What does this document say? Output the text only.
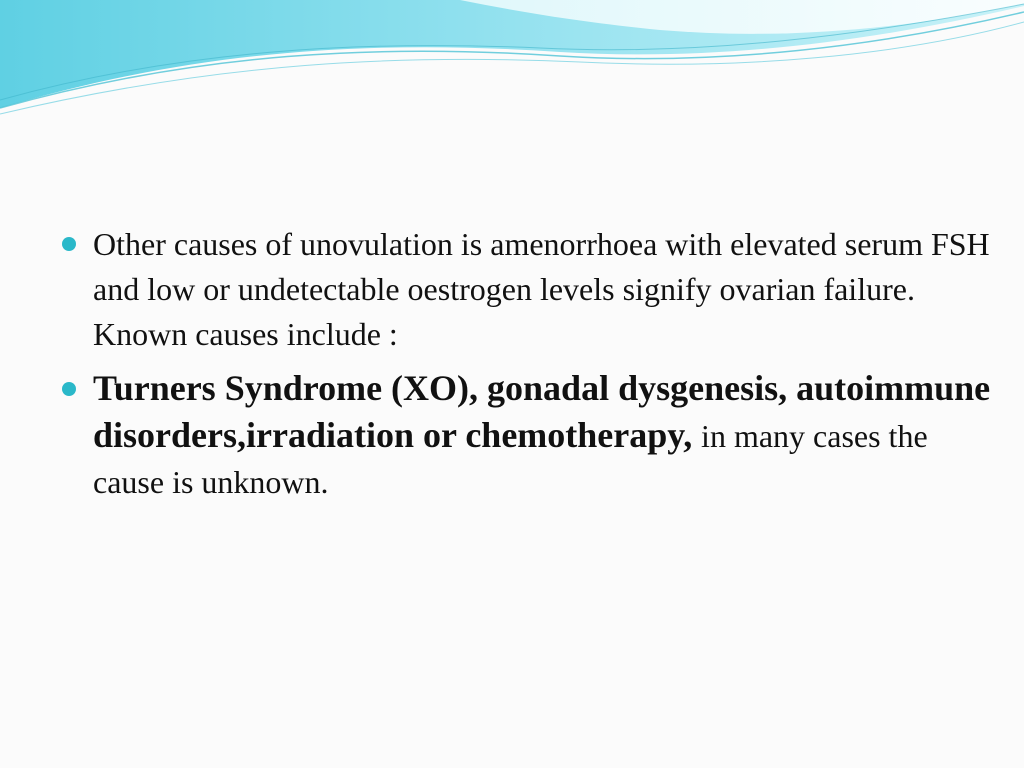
Other causes of unovulation is amenorrhoea with elevated serum FSH and low or undetectable oestrogen levels signify ovarian failure. Known causes include :
Turners Syndrome (XO), gonadal dysgenesis, autoimmune disorders,irradiation or chemotherapy, in many cases the cause is unknown.
